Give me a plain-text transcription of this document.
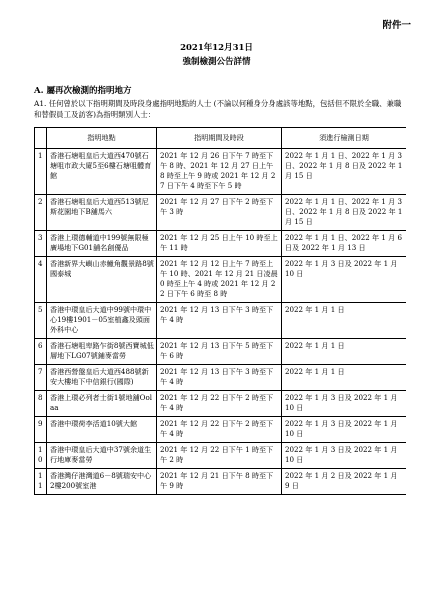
附件一
2021年12月31日
強制檢測公告詳情
A. 屬再次檢測的指明地方
A1. 任何曾於以下指明期間及時段身處指明地點的人士 (不論以何種身分身處該等地點，包括但不限於全職、兼職和替假員工及訪客)為指明類別人士：
	指明地點	指明期間及時段	須進行檢測日期
1	香港石塘咀皇后大道西470號石塘咀市政大廈5至6樓石塘咀體育館	2021 年 12 月 26 日下午 7 時至下午 8 時、2021 年 12 月 27 日上午 8 時至上午 9 時或 2021 年 12 月 27 日下午 4 時至下午 5 時	2022 年 1 月 1 日、2022 年 1 月 3 日、2022 年 1 月 8 日及 2022 年 1 月 15 日
2	香港石塘咀皇后大道西513號尼斯花園地下B舖馬六	2021 年 12 月 27 日下午 2 時至下午 3 時	2022 年 1 月 1 日、2022 年 1 月 3 日、2022 年 1 月 8 日及 2022 年 1 月 15 日
3	香港上環德輔道中199號無限極廣場地下G01舖名創優品	2021 年 12 月 25 日上午 10 時至上午 11 時	2022 年 1 月 1 日、2022 年 1 月 6 日及 2022 年 1 月 13 日
4	香港新界大嶼山赤鱲角觀景路8號國泰城	2021 年 12 月 12 日上午 7 時至上午 10 時、2021 年 12 月 21 日凌晨 0 時至上午 4 時或 2021 年 12 月 22 日下午 6 時至 8 時	2022 年 1 月 3 日及 2022 年 1 月 10 日
5	香港中環皇后大道中99號中環中心19樓1901－05室植鑫及頭面外科中心	2021 年 12 月 13 日下午 3 時至下午 4 時	2022 年 1 月 1 日
6	香港石塘咀卑路乍街8號西寶城低層地下LG07號鋪麥當勞	2021 年 12 月 13 日下午 5 時至下午 6 時	2022 年 1 月 1 日
7	香港西營盤皇后大道西488號新安大樓地下中信銀行(國際)	2021 年 12 月 13 日下午 3 時至下午 4 時	2022 年 1 月 1 日
8	香港上環必列者士街1號地舖Oolaa	2021 年 12 月 22 日下午 2 時至下午 4 時	2022 年 1 月 3 日及 2022 年 1 月 10 日
9	香港中環荷李活道10號大館	2021 年 12 月 22 日下午 2 時至下午 4 時	2022 年 1 月 3 日及 2022 年 1 月 10 日
10	香港中環皇后大道中37號余道生行地庫麥當勞	2021 年 12 月 22 日下午 1 時至下午 2 時	2022 年 1 月 3 日及 2022 年 1 月 10 日
11	香港灣仔港灣道6－8號瑞安中心2樓200號室港	2021 年 12 月 21 日下午 8 時至下午 9 時	2022 年 1 月 2 日及 2022 年 1 月 9 日
